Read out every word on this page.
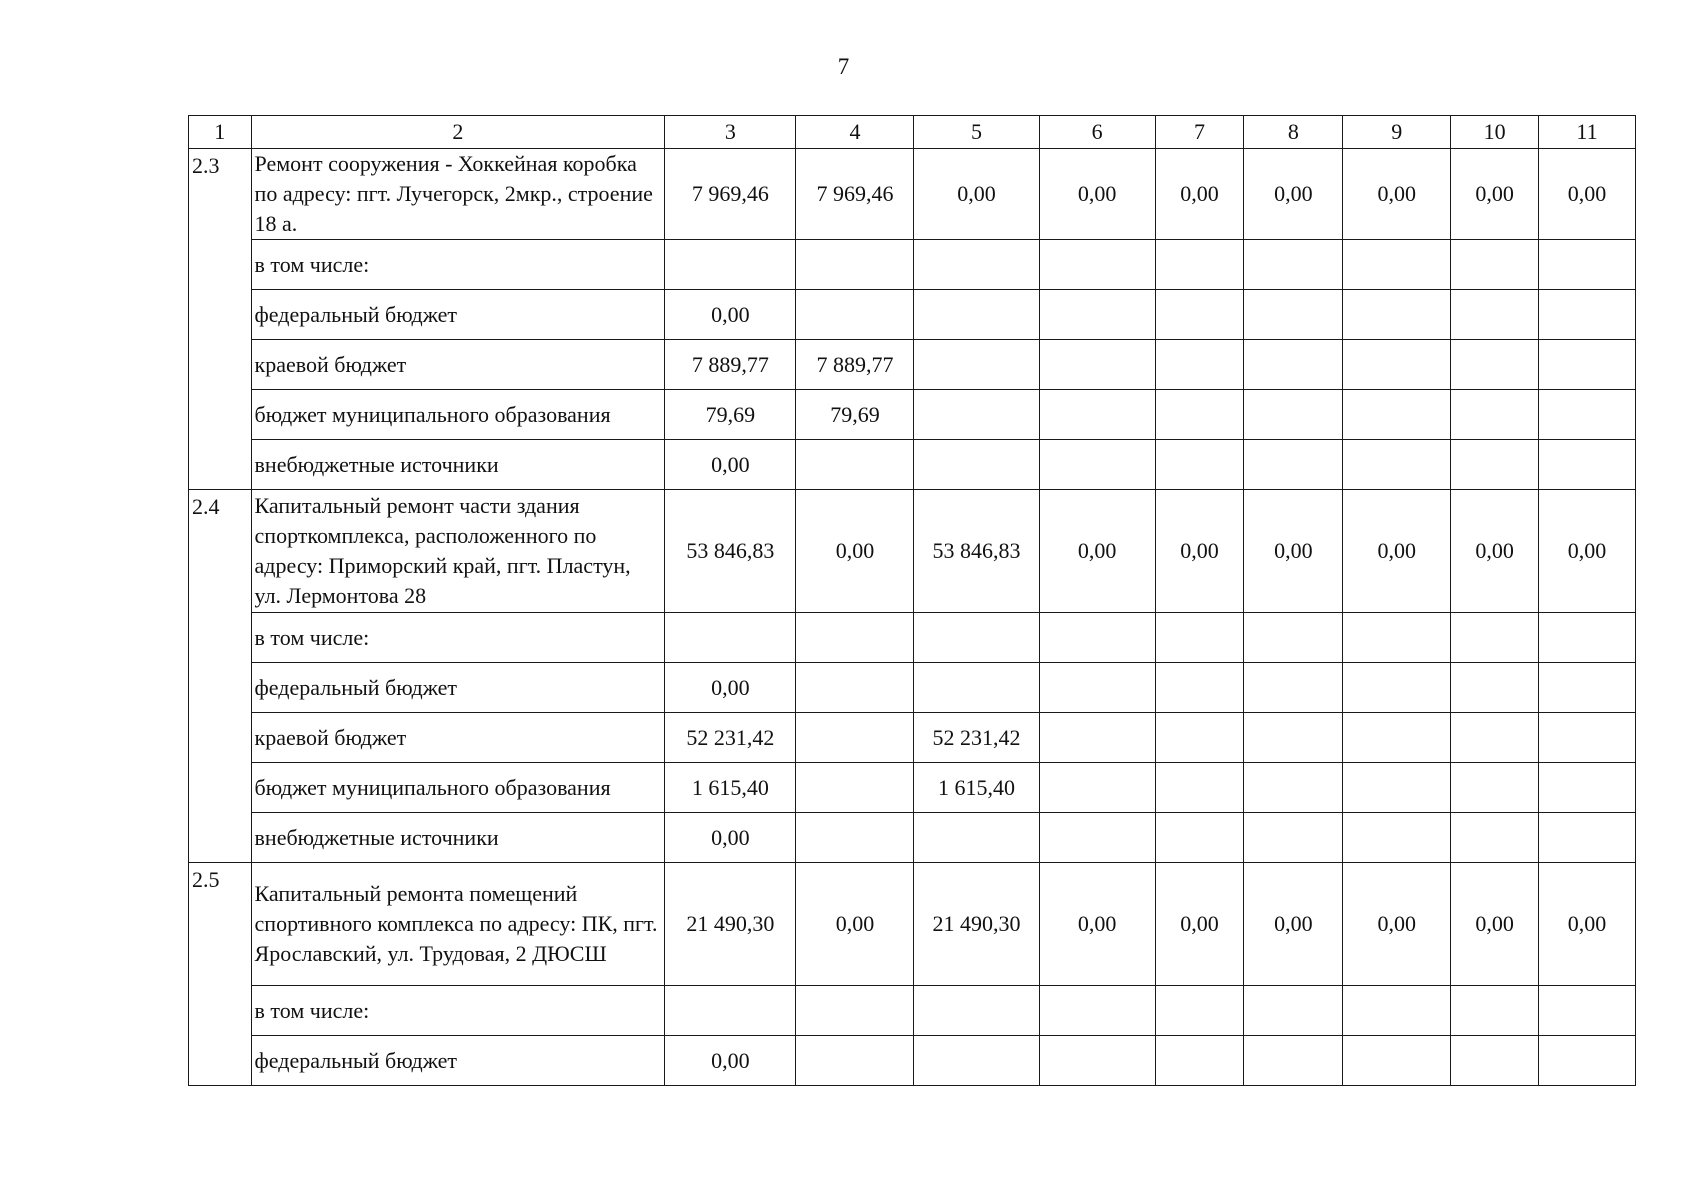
7
1	2	3	4	5	6	7	8	9	10	11
2.3	Ремонт сооружения - Хоккейная коробка по адресу: пгт. Лучегорск, 2мкр., строение 18 а.	7 969,46	7 969,46	0,00	0,00	0,00	0,00	0,00	0,00	0,00
	в том числе:									
	федеральный бюджет	0,00								
	краевой бюджет	7 889,77	7 889,77							
	бюджет муниципального образования	79,69	79,69							
	внебюджетные источники	0,00								
2.4	Капитальный ремонт части здания спорткомплекса, расположенного по адресу: Приморский край, пгт. Пластун, ул. Лермонтова 28	53 846,83	0,00	53 846,83	0,00	0,00	0,00	0,00	0,00	0,00
	в том числе:									
	федеральный бюджет	0,00								
	краевой бюджет	52 231,42		52 231,42						
	бюджет муниципального образования	1 615,40		1 615,40						
	внебюджетные источники	0,00								
2.5	Капитальный ремонта помещений спортивного комплекса по адресу: ПК, пгт. Ярославский, ул. Трудовая, 2 ДЮСШ	21 490,30	0,00	21 490,30	0,00	0,00	0,00	0,00	0,00	0,00
	в том числе:									
	федеральный бюджет	0,00								
